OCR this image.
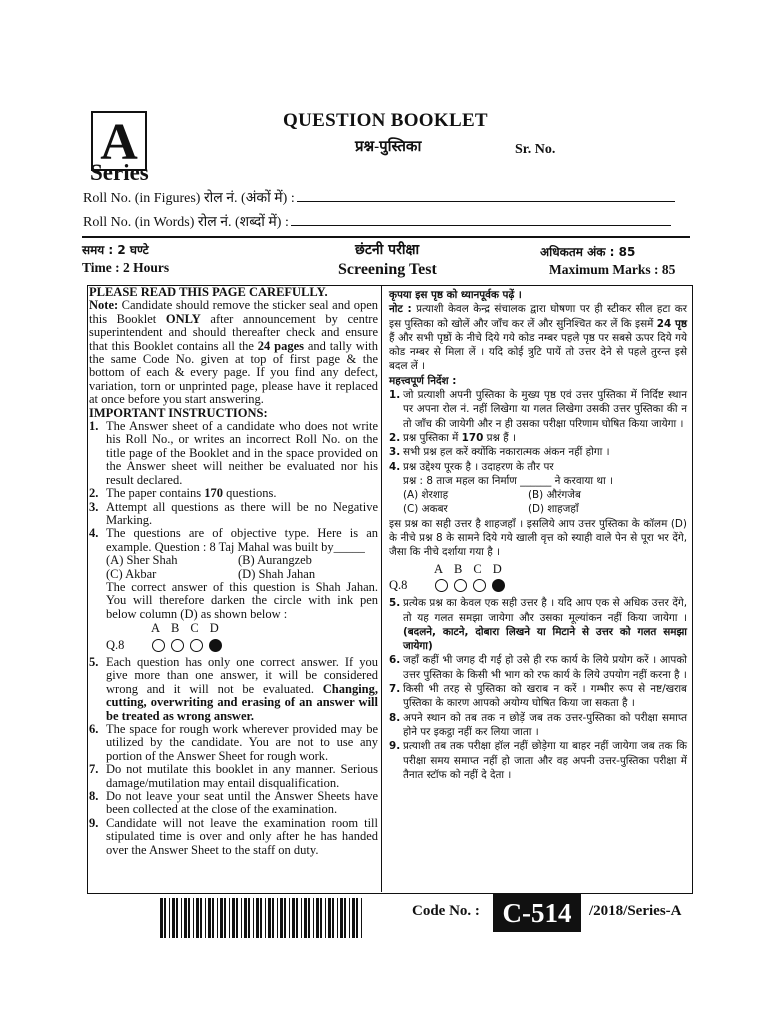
A
Series
QUESTION BOOKLET
प्रश्न-पुस्तिका	Sr. No.
Roll No. (in Figures) रोल नं. (अंकों में) :
Roll No. (in Words) रोल नं. (शब्दों में) :
समय : 2 घण्टे
Time : 2 Hours
छंटनी परीक्षा
Screening Test
अधिकतम अंक : 85
Maximum Marks : 85

PLEASE READ THIS PAGE CAREFULLY.

Note: Candidate should remove the sticker seal and open this Booklet ONLY after announcement by centre superintendent and should thereafter check and ensure that this Booklet contains all the 24 pages and tally with the same Code No. given at top of first page & the bottom of each & every page. If you find any defect, variation, torn or unprinted page, please have it replaced at once before you start answering.

IMPORTANT INSTRUCTIONS:

1. The Answer sheet of a candidate who does not write his Roll No., or writes an incorrect Roll No. on the title page of the Booklet and in the space provided on the Answer sheet will neither be evaluated nor his result declared.
2. The paper contains 170 questions.
3. Attempt all questions as there will be no Negative Marking.
4. The questions are of objective type. Here is an example. Question : 8 Taj Mahal was built by_____
(A) Sher Shah	(B) Aurangzeb
(C) Akbar	(D) Shah Jahan
The correct answer of this question is Shah Jahan. You will therefore darken the circle with ink pen below column (D) as shown below :
A B C D
Q.8
5. Each question has only one correct answer. If you give more than one answer, it will be considered wrong and it will not be evaluated. Changing, cutting, overwriting and erasing of an answer will be treated as wrong answer.
6. The space for rough work wherever provided may be utilized by the candidate. You are not to use any portion of the Answer Sheet for rough work.
7. Do not mutilate this booklet in any manner. Serious damage/mutilation may entail disqualification.
8. Do not leave your seat until the Answer Sheets have been collected at the close of the examination.
9. Candidate will not leave the examination room till stipulated time is over and only after he has handed over the Answer Sheet to the staff on duty.

कृपया इस पृष्ठ को ध्यानपूर्वक पढ़ें ।

नोट : प्रत्याशी केवल केन्द्र संचालक द्वारा घोषणा पर ही स्टीकर सील हटा कर इस पुस्तिका को खोलें और जाँच कर लें और सुनिश्चित कर लें कि इसमें 24 पृष्ठ हैं और सभी पृष्ठों के नीचे दिये गये कोड नम्बर पहले पृष्ठ पर सबसे ऊपर दिये गये कोड नम्बर से मिला लें । यदि कोई त्रुटि पायें तो उत्तर देने से पहले तुरन्त इसे बदल लें ।

महत्त्वपूर्ण निर्देश :

1. जो प्रत्याशी अपनी पुस्तिका के मुख्य पृष्ठ एवं उत्तर पुस्तिका में निर्दिष्ट स्थान पर अपना रोल नं. नहीं लिखेगा या गलत लिखेगा उसकी उत्तर पुस्तिका की न तो जाँच की जायेगी और न ही उसका परीक्षा परिणाम घोषित किया जायेगा ।
2. प्रश्न पुस्तिका में 170 प्रश्न हैं ।
3. सभी प्रश्न हल करें क्योंकि नकारात्मक अंकन नहीं होगा ।
4. प्रश्न उद्देश्य पूरक है । उदाहरण के तौर पर
प्रश्न : 8 ताज महल का निर्माण ______ ने करवाया था ।
(A) शेरशाह	(B) औरंगजेब
(C) अकबर	(D) शाहजहाँ

इस प्रश्न का सही उत्तर है शाहजहाँ । इसलिये आप उत्तर पुस्तिका के कॉलम (D) के नीचे प्रश्न 8 के सामने दिये गये खाली वृत्त को स्याही वाले पेन से पूरा भर देंगे, जैसा कि नीचे दर्शाया गया है ।

A B C D
Q.8
5. प्रत्येक प्रश्न का केवल एक सही उत्तर है । यदि आप एक से अधिक उत्तर देंगे, तो यह गलत समझा जायेगा और उसका मूल्यांकन नहीं किया जायेगा । (बदलने, काटने, दोबारा लिखने या मिटाने से उत्तर को गलत समझा जायेगा)
6. जहाँ कहीं भी जगह दी गई हो उसे ही रफ कार्य के लिये प्रयोग करें । आपको उत्तर पुस्तिका के किसी भी भाग को रफ कार्य के लिये उपयोग नहीं करना है ।
7. किसी भी तरह से पुस्तिका को खराब न करें । गम्भीर रूप से नष्ट/खराब पुस्तिका के कारण आपको अयोग्य घोषित किया जा सकता है ।
8. अपने स्थान को तब तक न छोड़ें जब तक उत्तर-पुस्तिका को परीक्षा समाप्त होने पर इकट्ठा नहीं कर लिया जाता ।
9. प्रत्याशी तब तक परीक्षा हॉल नहीं छोड़ेगा या बाहर नहीं जायेगा जब तक कि परीक्षा समय समाप्त नहीं हो जाता और वह अपनी उत्तर-पुस्तिका परीक्षा में तैनात स्टॉफ को नहीं दे देता ।
Code No. : C-514	/2018/Series-A
